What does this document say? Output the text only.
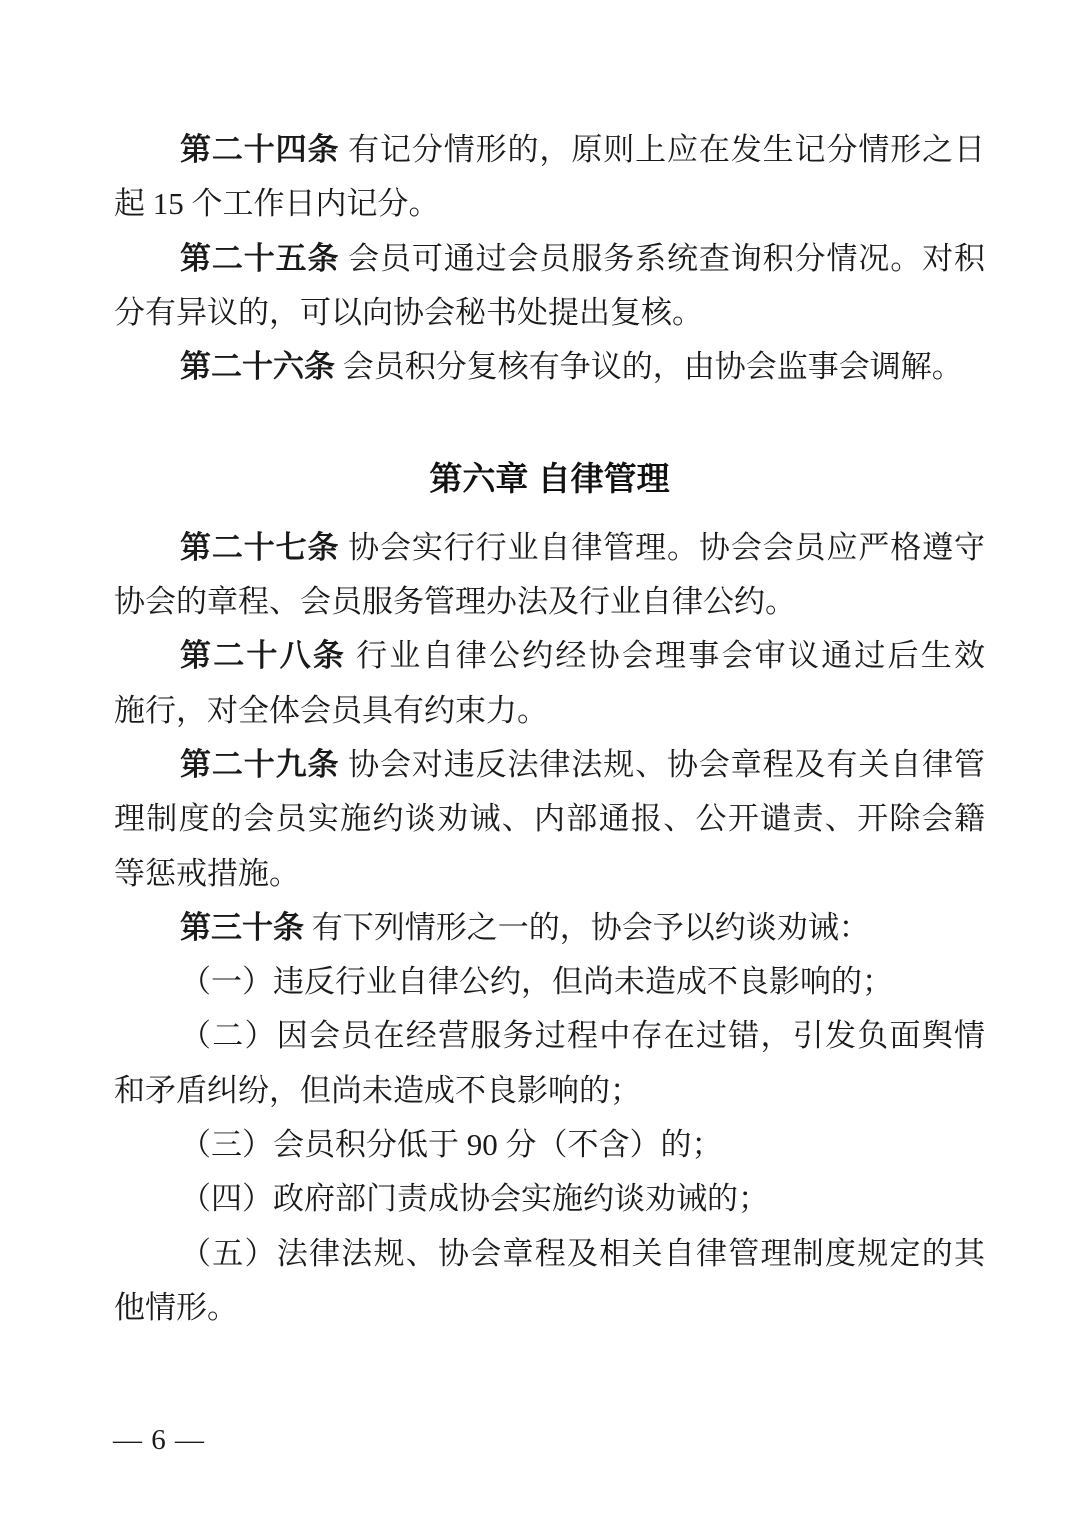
第二十四条 有记分情形的，原则上应在发生记分情形之日
起 15 个工作日内记分。
第二十五条 会员可通过会员服务系统查询积分情况。对积
分有异议的，可以向协会秘书处提出复核。
第二十六条 会员积分复核有争议的，由协会监事会调解。
第六章 自律管理
第二十七条 协会实行行业自律管理。协会会员应严格遵守
协会的章程、会员服务管理办法及行业自律公约。
第二十八条 行业自律公约经协会理事会审议通过后生效
施行，对全体会员具有约束力。
第二十九条 协会对违反法律法规、协会章程及有关自律管
理制度的会员实施约谈劝诫、内部通报、公开谴责、开除会籍
等惩戒措施。
第三十条 有下列情形之一的，协会予以约谈劝诫：
（一）违反行业自律公约，但尚未造成不良影响的；
（二）因会员在经营服务过程中存在过错，引发负面舆情
和矛盾纠纷，但尚未造成不良影响的；
（三）会员积分低于 90 分（不含）的；
（四）政府部门责成协会实施约谈劝诫的；
（五）法律法规、协会章程及相关自律管理制度规定的其
他情形。
— 6 —
